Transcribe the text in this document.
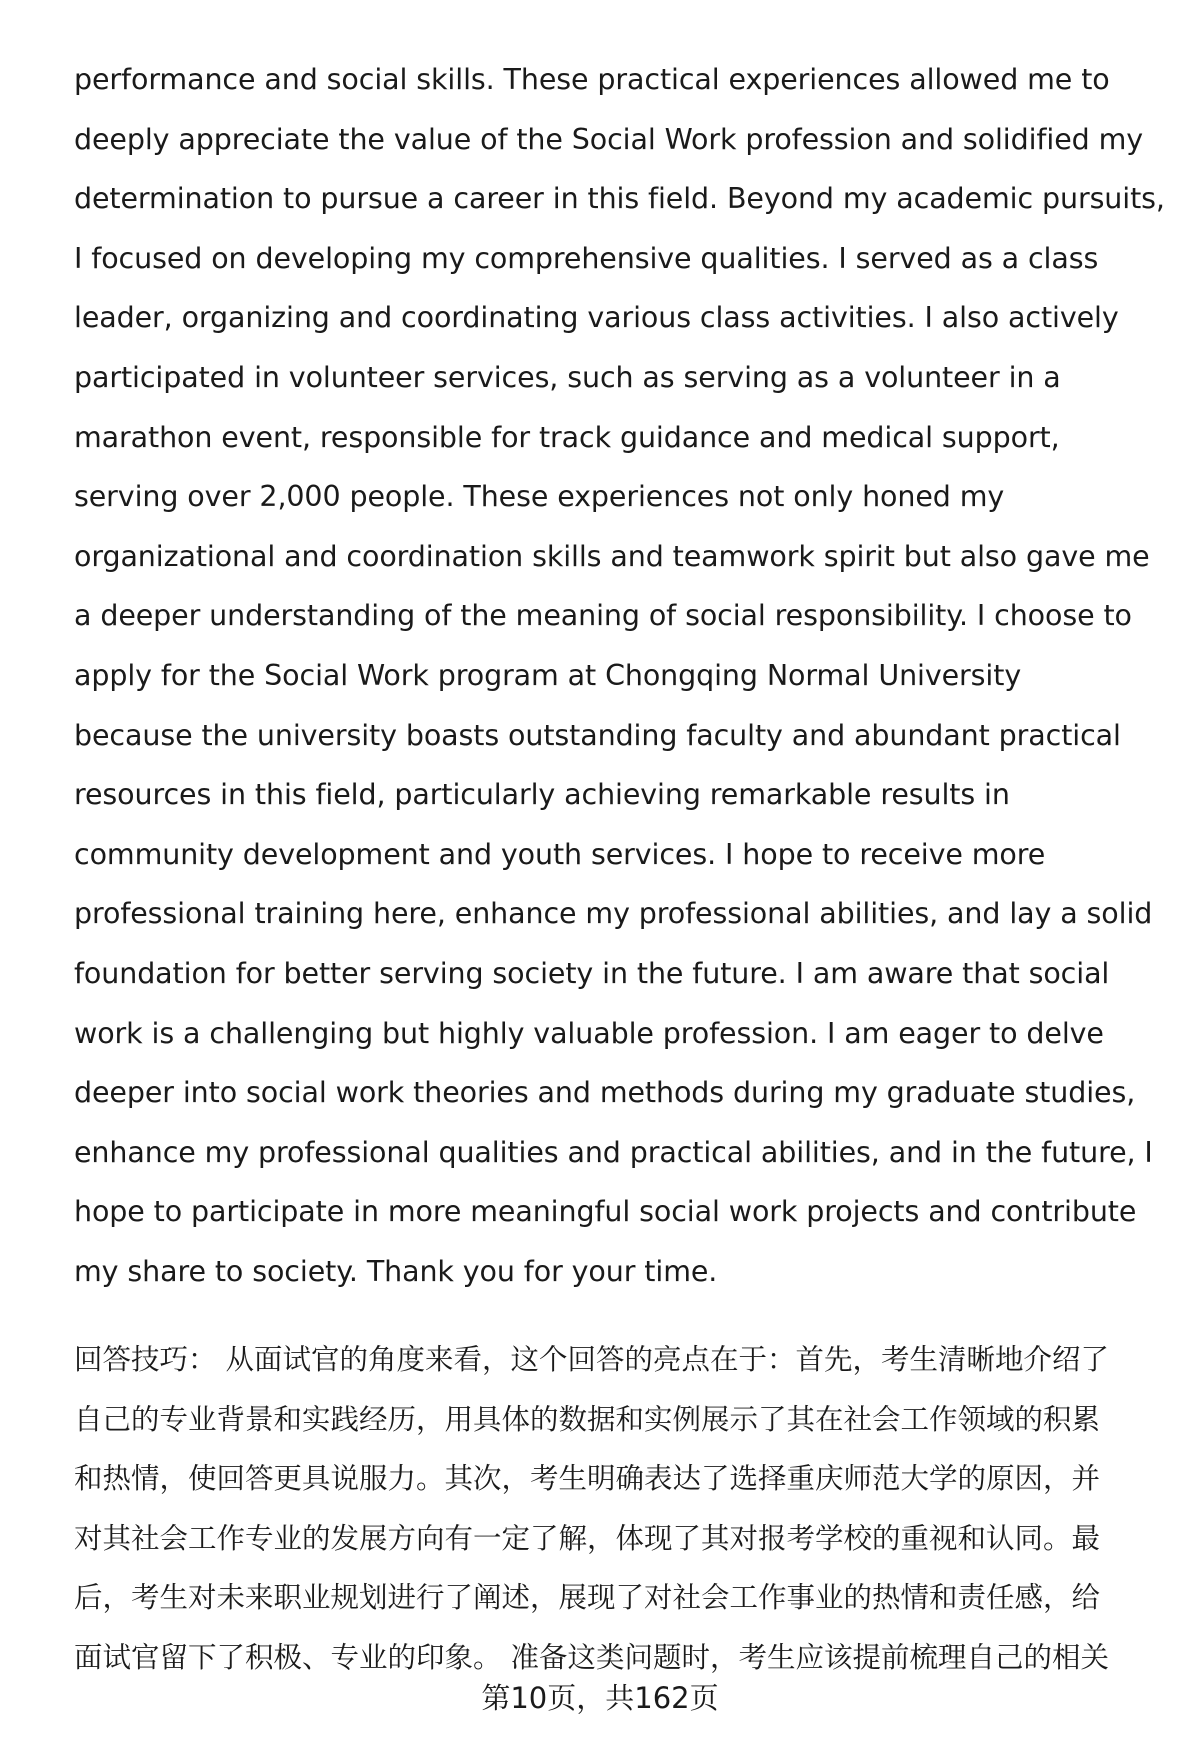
performance and social skills. These practical experiences allowed me to
deeply appreciate the value of the Social Work profession and solidified my
determination to pursue a career in this field. Beyond my academic pursuits,
I focused on developing my comprehensive qualities. I served as a class
leader, organizing and coordinating various class activities. I also actively
participated in volunteer services, such as serving as a volunteer in a
marathon event, responsible for track guidance and medical support,
serving over 2,000 people. These experiences not only honed my
organizational and coordination skills and teamwork spirit but also gave me
a deeper understanding of the meaning of social responsibility. I choose to
apply for the Social Work program at Chongqing Normal University
because the university boasts outstanding faculty and abundant practical
resources in this field, particularly achieving remarkable results in
community development and youth services. I hope to receive more
professional training here, enhance my professional abilities, and lay a solid
foundation for better serving society in the future. I am aware that social
work is a challenging but highly valuable profession. I am eager to delve
deeper into social work theories and methods during my graduate studies,
enhance my professional qualities and practical abilities, and in the future, I
hope to participate in more meaningful social work projects and contribute
my share to society. Thank you for your time.
回答技巧： 从面试官的角度来看，这个回答的亮点在于：首先，考生清晰地介绍了
自己的专业背景和实践经历，用具体的数据和实例展示了其在社会工作领域的积累
和热情，使回答更具说服力。其次，考生明确表达了选择重庆师范大学的原因，并
对其社会工作专业的发展方向有一定了解，体现了其对报考学校的重视和认同。最
后，考生对未来职业规划进行了阐述，展现了对社会工作事业的热情和责任感，给
面试官留下了积极、专业的印象。 准备这类问题时，考生应该提前梳理自己的相关
第10页，共162页
